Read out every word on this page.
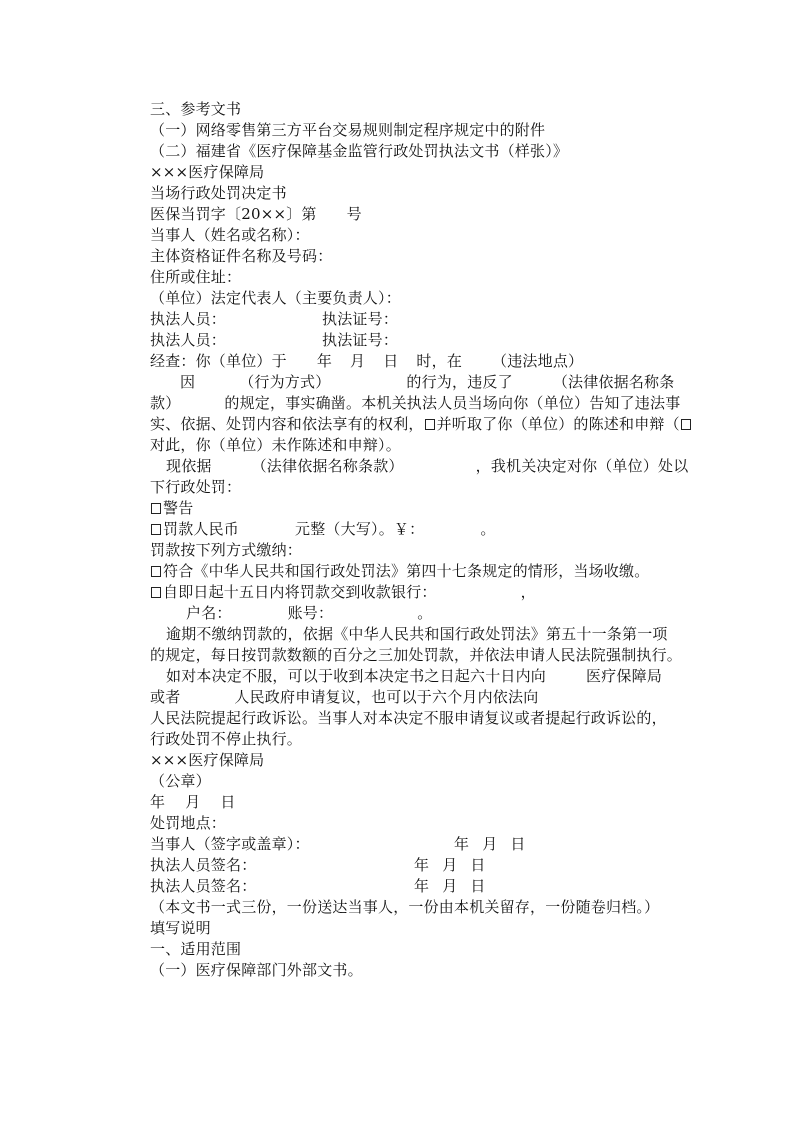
三、参考文书
（一）网络零售第三方平台交易规则制定程序规定中的附件
（二）福建省《医疗保障基金监管行政处罚执法文书（样张）》
×××医疗保障局
当场行政处罚决定书
医保当罚字〔20××〕第 号
当事人（姓名或名称）：
主体资格证件名称及号码：
住所或住址：
（单位）法定代表人（主要负责人）：
执法人员：	执法证号：
执法人员：	执法证号：
经查：你（单位）于 年 月 日 时，在 （违法地点）
因	（行为方式）	的行为，违反了	（法律依据名称条
款）	的规定，事实确凿。本机关执法人员当场向你（单位）告知了违法事
实、依据、处罚内容和依法享有的权利， 并听取了你（单位）的陈述和申辩（
对此，你（单位）未作陈述和申辩）。
现依据	（法律依据名称条款）	，我机关决定对你（单位）处以
下行政处罚：
警告
罚款人民币	元整（大写）。￥：	。
罚款按下列方式缴纳：
符合《中华人民共和国行政处罚法》第四十七条规定的情形，当场收缴。
自即日起十五日内将罚款交到收款银行：	，
户名：	账号：	。
逾期不缴纳罚款的，依据《中华人民共和国行政处罚法》第五十一条第一项
的规定，每日按罚款数额的百分之三加处罚款，并依法申请人民法院强制执行。
如对本决定不服，可以于收到本决定书之日起六十日内向	医疗保障局
或者	人民政府申请复议，也可以于六个月内依法向
人民法院提起行政诉讼。当事人对本决定不服申请复议或者提起行政诉讼的，
行政处罚不停止执行。
×××医疗保障局
（公章）
年 月 日
处罚地点：
当事人（签字或盖章）：	年 月 日
执法人员签名：	年 月 日
执法人员签名：	年 月 日
（本文书一式三份，一份送达当事人，一份由本机关留存，一份随卷归档。）
填写说明
一、适用范围
（一）医疗保障部门外部文书。
